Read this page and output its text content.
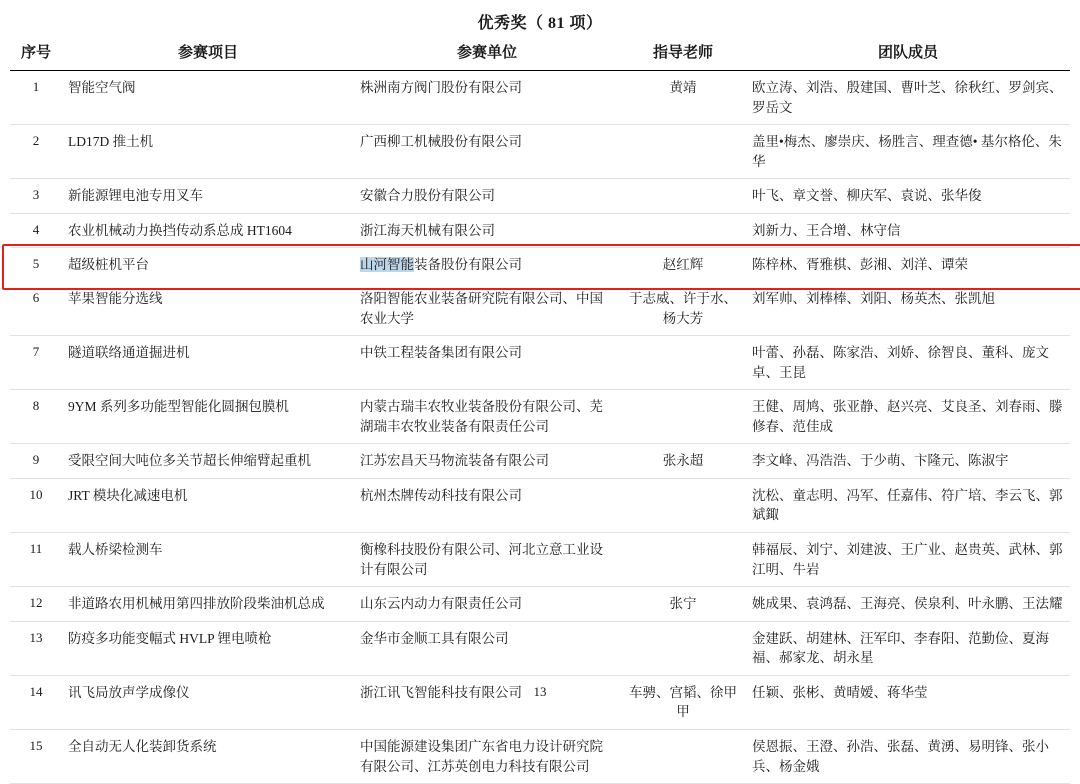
优秀奖（ 81 项）
序号	参赛项目	参赛单位	指导老师	团队成员
1	智能空气阀	株洲南方阀门股份有限公司	黄靖	欧立涛、刘浩、殷建国、曹叶芝、徐秋红、罗剑宾、罗岳文
2	LD17D 推土机	广西柳工机械股份有限公司		盖里•梅杰、廖崇庆、杨胜言、理查德• 基尔格伦、朱华
3	新能源锂电池专用叉车	安徽合力股份有限公司		叶飞、章文誉、柳庆军、袁说、张华俊
4	农业机械动力换挡传动系总成 HT1604	浙江海天机械有限公司		刘新力、王合增、林守信
5	超级桩机平台	山河智能装备股份有限公司	赵红辉	陈梓林、胥雅棋、彭湘、刘洋、谭荣
6	苹果智能分选线	洛阳智能农业装备研究院有限公司、中国农业大学	于志威、许于水、杨大芳	刘军帅、刘棒棒、刘阳、杨英杰、张凯旭
7	隧道联络通道掘进机	中铁工程装备集团有限公司		叶蕾、孙磊、陈家浩、刘娇、徐智良、董科、庞文卓、王昆
8	9YM 系列多功能型智能化圆捆包膜机	内蒙古瑞丰农牧业装备股份有限公司、芜湖瑞丰农牧业装备有限责任公司		王健、周鸠、张亚静、赵兴亮、艾良圣、刘春雨、滕修春、范佳成
9	受限空间大吨位多关节超长伸缩臂起重机	江苏宏昌天马物流装备有限公司	张永超	李文峰、冯浩浩、于少萌、卞隆元、陈淑宇
10	JRT 模块化减速电机	杭州杰牌传动科技有限公司		沈松、童志明、冯军、任嘉伟、符广培、李云飞、郭斌鋷
11	载人桥梁检测车	衡橡科技股份有限公司、河北立意工业设计有限公司		韩福辰、刘宁、刘建波、王广业、赵贵英、武林、郭江明、牛岩
12	非道路农用机械用第四排放阶段柴油机总成	山东云内动力有限责任公司	张宁	姚成果、袁鸿磊、王海亮、侯泉利、叶永鹏、王法耀
13	防疫多功能变幅式 HVLP 锂电喷枪	金华市金顺工具有限公司		金建跃、胡建林、汪军印、李春阳、范勤俭、夏海福、郝家龙、胡永星
14	讯飞局放声学成像仪	浙江讯飞智能科技有限公司	车骋、宫韬、徐甲甲	任颖、张彬、黄晴嫒、蒋华莹
15	全自动无人化装卸货系统	中国能源建设集团广东省电力设计研究院有限公司、江苏英创电力科技有限公司		侯恩振、王澄、孙浩、张磊、黄湧、易明锋、张小兵、杨金娥
13
